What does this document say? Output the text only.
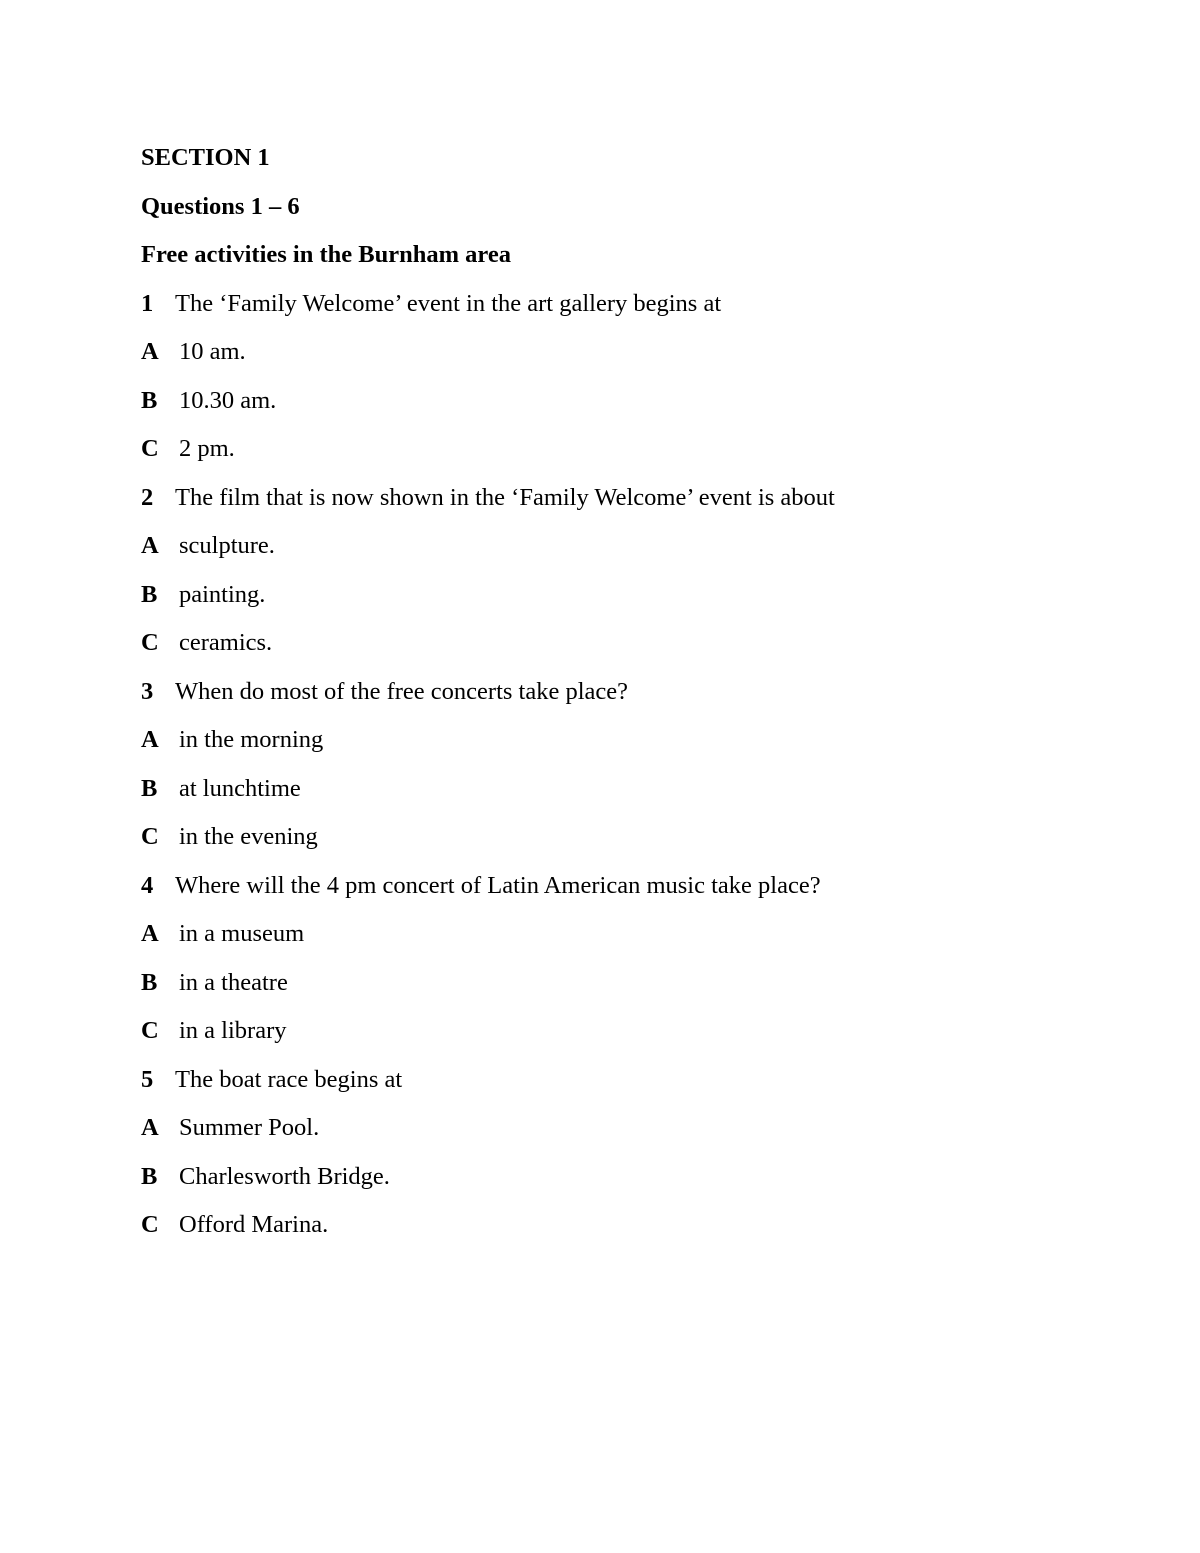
SECTION 1
Questions 1 – 6
Free activities in the Burnham area
1 The ‘Family Welcome’ event in the art gallery begins at
A 10 am.
B 10.30 am.
C 2 pm.
2 The film that is now shown in the ‘Family Welcome’ event is about
A sculpture.
B painting.
C ceramics.
3 When do most of the free concerts take place?
A in the morning
B at lunchtime
C in the evening
4 Where will the 4 pm concert of Latin American music take place?
A in a museum
B in a theatre
C in a library
5 The boat race begins at
A Summer Pool.
B Charlesworth Bridge.
C Offord Marina.
